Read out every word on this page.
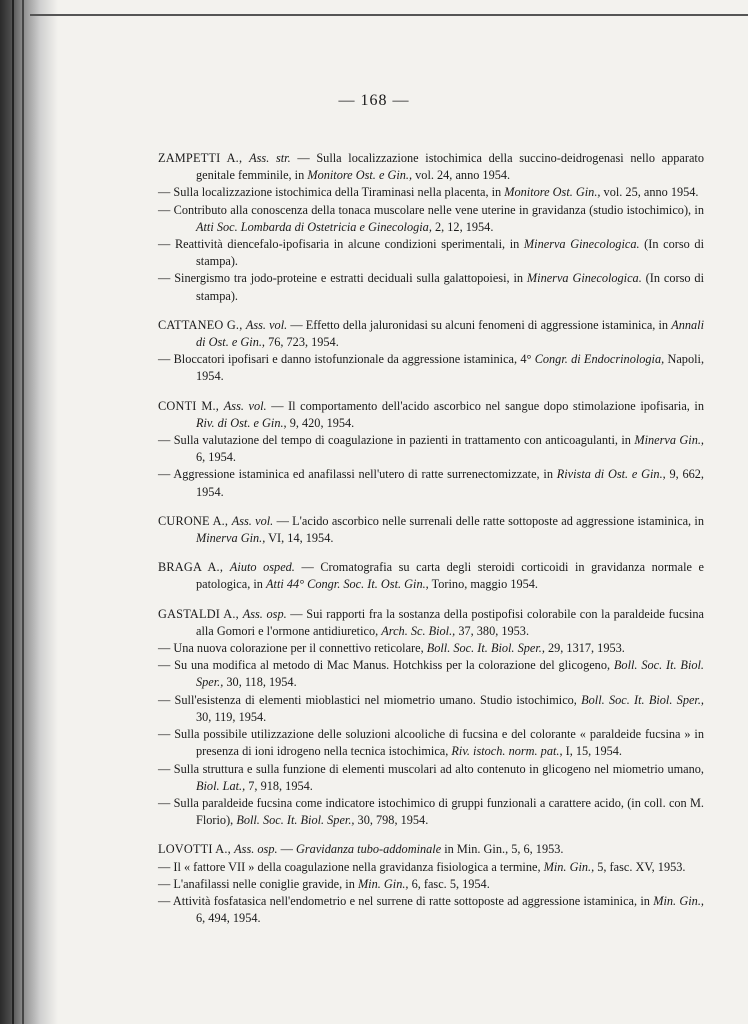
— 168 —
ZAMPETTI A., Ass. str. — Sulla localizzazione istochimica della succino-deidrogenasi nello apparato genitale femminile, in Monitore Ost. e Gin., vol. 24, anno 1954.
— Sulla localizzazione istochimica della Tiraminasi nella placenta, in Monitore Ost. Gin., vol. 25, anno 1954.
— Contributo alla conoscenza della tonaca muscolare nelle vene uterine in gravidanza (studio istochimico), in Atti Soc. Lombarda di Ostetricia e Ginecologia, 2, 12, 1954.
— Reattività diencefalo-ipofisaria in alcune condizioni sperimentali, in Minerva Ginecologica. (In corso di stampa).
— Sinergismo tra jodo-proteine e estratti deciduali sulla galattopoiesi, in Minerva Ginecologica. (In corso di stampa).
CATTANEO G., Ass. vol. — Effetto della jaluronidasi su alcuni fenomeni di aggressione istaminica, in Annali di Ost. e Gin., 76, 723, 1954.
— Bloccatori ipofisari e danno istofunzionale da aggressione istaminica, 4° Congr. di Endocrinologia, Napoli, 1954.
CONTI M., Ass. vol. — Il comportamento dell'acido ascorbico nel sangue dopo stimolazione ipofisaria, in Riv. di Ost. e Gin., 9, 420, 1954.
— Sulla valutazione del tempo di coagulazione in pazienti in trattamento con anticoagulanti, in Minerva Gin., 6, 1954.
— Aggressione istaminica ed anafilassi nell'utero di ratte surrenectomizzate, in Rivista di Ost. e Gin., 9, 662, 1954.
CURONE A., Ass. vol. — L'acido ascorbico nelle surrenali delle ratte sottoposte ad aggressione istaminica, in Minerva Gin., VI, 14, 1954.
BRAGA A., Aiuto osped. — Cromatografia su carta degli steroidi corticoidi in gravidanza normale e patologica, in Atti 44° Congr. Soc. It. Ost. Gin., Torino, maggio 1954.
GASTALDI A., Ass. osp. — Sui rapporti fra la sostanza della postipofisi colorabile con la paraldeide fucsina alla Gomori e l'ormone antidiuretico, Arch. Sc. Biol., 37, 380, 1953.
— Una nuova colorazione per il connettivo reticolare, Boll. Soc. It. Biol. Sper., 29, 1317, 1953.
— Su una modifica al metodo di Mac Manus. Hotchkiss per la colorazione del glicogeno, Boll. Soc. It. Biol. Sper., 30, 118, 1954.
— Sull'esistenza di elementi mioblastici nel miometrio umano. Studio istochimico, Boll. Soc. It. Biol. Sper., 30, 119, 1954.
— Sulla possibile utilizzazione delle soluzioni alcooliche di fucsina e del colorante « paraldeide fucsina » in presenza di ioni idrogeno nella tecnica istochimica, Riv. istoch. norm. pat., I, 15, 1954.
— Sulla struttura e sulla funzione di elementi muscolari ad alto contenuto in glicogeno nel miometrio umano, Biol. Lat., 7, 918, 1954.
— Sulla paraldeide fucsina come indicatore istochimico di gruppi funzionali a carattere acido, (in coll. con M. Florio), Boll. Soc. It. Biol. Sper., 30, 798, 1954.
LOVOTTI A., Ass. osp. — Gravidanza tubo-addominale in Min. Gin., 5, 6, 1953.
— Il « fattore VII » della coagulazione nella gravidanza fisiologica a termine, Min. Gin., 5, fasc. XV, 1953.
— L'anafilassi nelle coniglie gravide, in Min. Gin., 6, fasc. 5, 1954.
— Attività fosfatasica nell'endometrio e nel surrene di ratte sottoposte ad aggressione istaminica, in Min. Gin., 6, 494, 1954.
